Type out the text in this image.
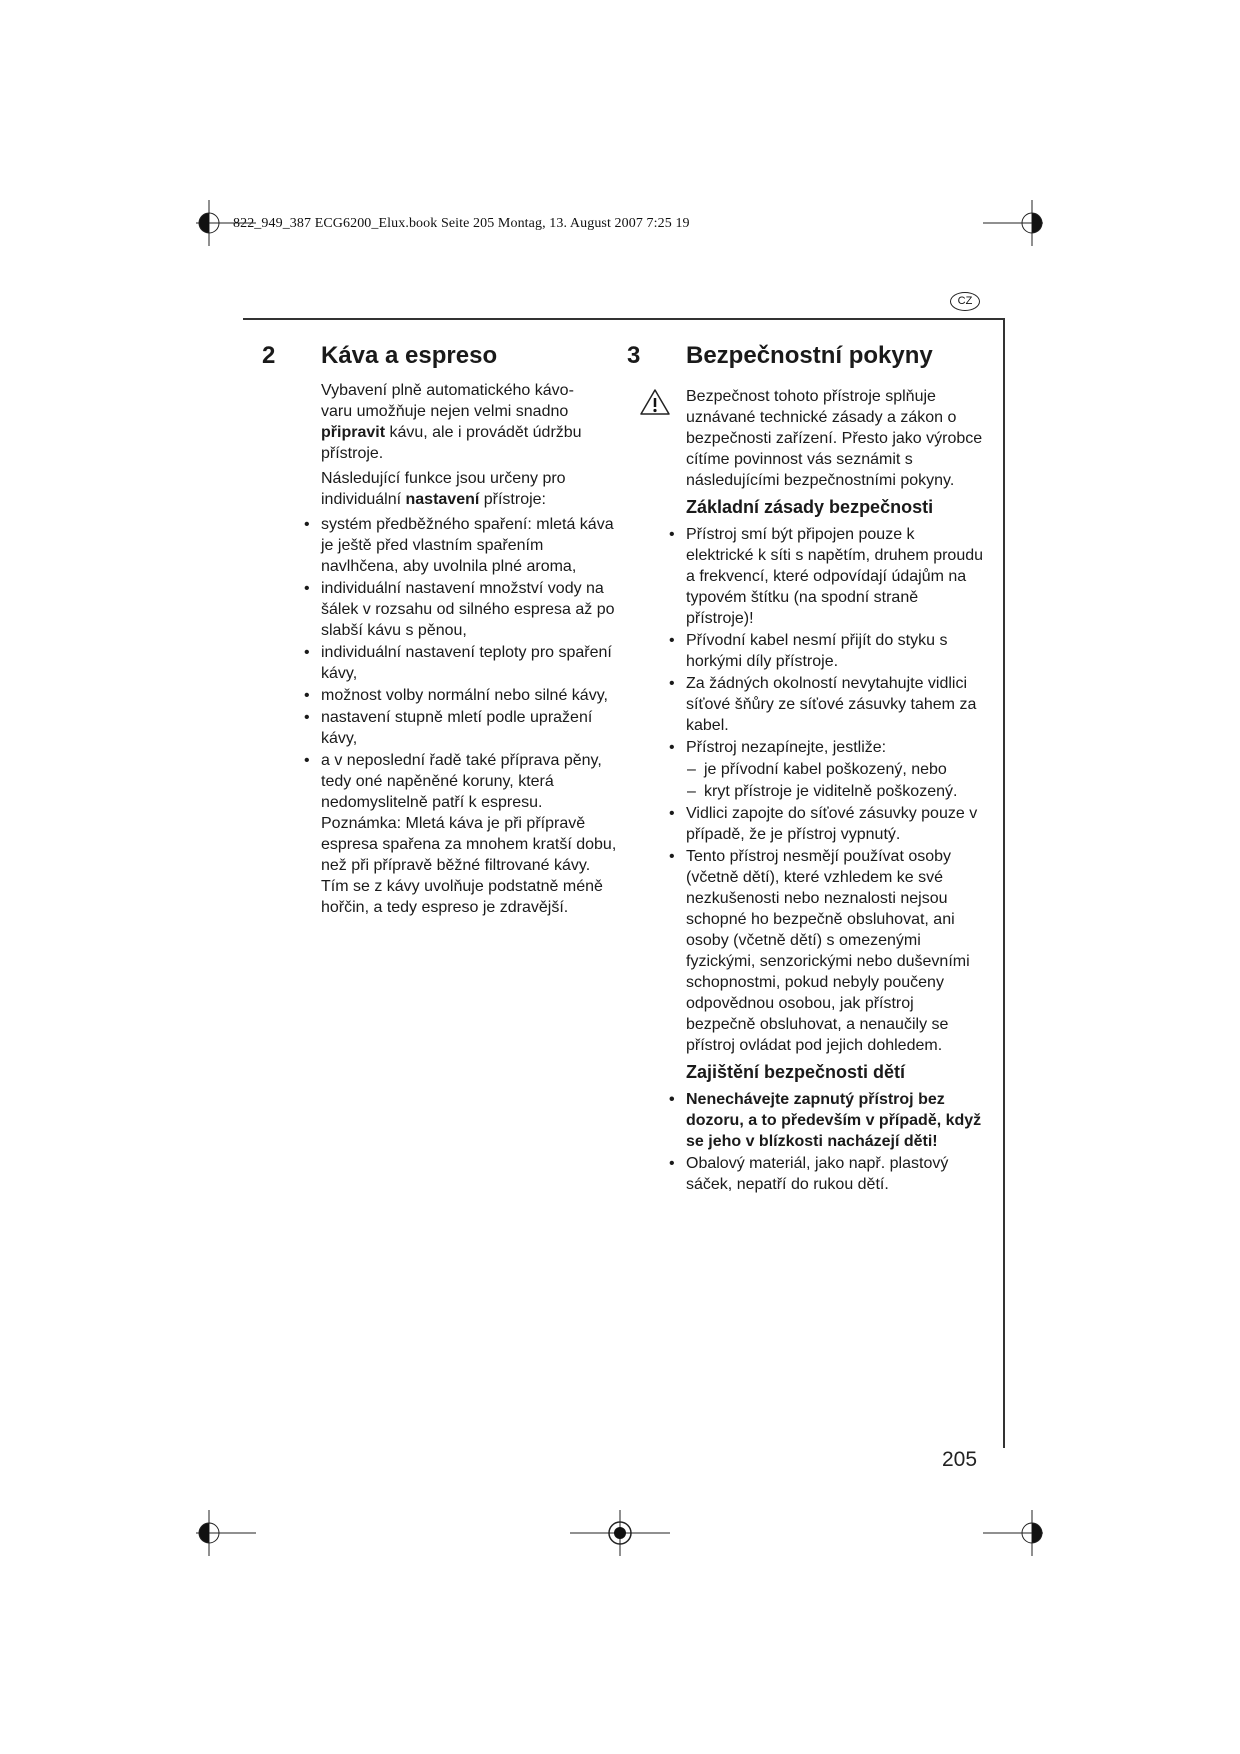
822_949_387 ECG6200_Elux.book Seite 205 Montag, 13. August 2007 7:25 19
CZ
2 Káva a espreso

Vybavení plně automatického kávo-
varu umožňuje nejen velmi snadno
připravit kávu, ale i provádět údržbu přístroje.

Následující funkce jsou určeny pro individuální nastavení přístroje:

• systém předběžného spaření: mletá káva je ještě před vlastním spařením navlhčena, aby uvolnila plné aroma,
• individuální nastavení množství vody na šálek v rozsahu od silného espresa až po slabší kávu s pěnou,
• individuální nastavení teploty pro spaření kávy,
• možnost volby normální nebo silné kávy,
• nastavení stupně mletí podle upražení kávy,
• a v neposlední řadě také příprava pěny, tedy oné napěněné koruny, která nedomyslitelně patří k espresu. Poznámka: Mletá káva je při přípravě espresa spařena za mnohem kratší dobu, než při přípravě běžné filtrované kávy. Tím se z kávy uvolňuje podstatně méně hořčin, a tedy espreso je zdravější.
3 Bezpečnostní pokyny

Bezpečnost tohoto přístroje splňuje uznávané technické zásady a zákon o bezpečnosti zařízení. Přesto jako výrobce cítíme povinnost vás seznámit s následujícími bezpečnostními pokyny.

Základní zásady bezpečnosti
• Přístroj smí být připojen pouze k elektrické k síti s napětím, druhem proudu a frekvencí, které odpovídají údajům na typovém štítku (na spodní straně přístroje)!
• Přívodní kabel nesmí přijít do styku s horkými díly přístroje.
• Za žádných okolností nevytahujte vidlici síťové šňůry ze síťové zásuvky tahem za kabel.
• Přístroj nezapínejte, jestliže:
– je přívodní kabel poškozený, nebo
– kryt přístroje je viditelně poškozený.
• Vidlici zapojte do síťové zásuvky pouze v případě, že je přístroj vypnutý.
• Tento přístroj nesmějí používat osoby (včetně dětí), které vzhledem ke své nezkušenosti nebo neznalosti nejsou schopné ho bezpečně obsluhovat, ani osoby (včetně dětí) s omezenými fyzickými, senzorickými nebo duševními schopnostmi, pokud nebyly poučeny odpovědnou osobou, jak přístroj bezpečně obsluhovat, a nenaučily se přístroj ovládat pod jejich dohledem.
Zajištění bezpečnosti dětí
• Nenechávejte zapnutý přístroj bez dozoru, a to především v případě, když se jeho v blízkosti nacházejí děti!
• Obalový materiál, jako např. plastový sáček, nepatří do rukou dětí.
205
